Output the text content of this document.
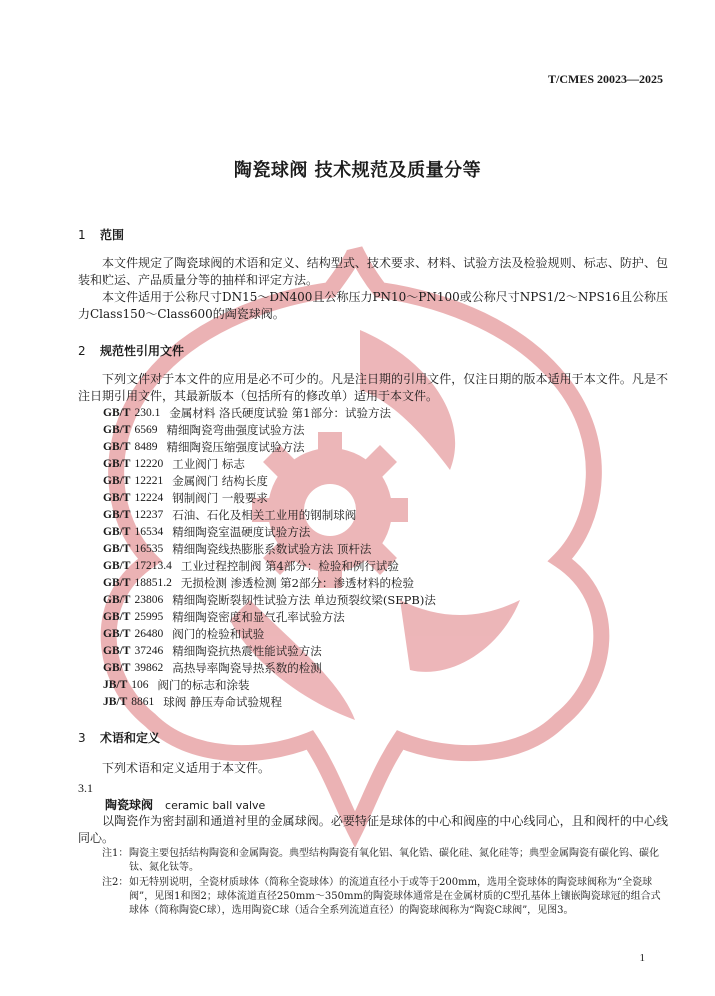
T/CMES 20023—2025
陶瓷球阀 技术规范及质量分等
1 范围
本文件规定了陶瓷球阀的术语和定义、结构型式、技术要求、材料、试验方法及检验规则、标志、防护、包装和贮运、产品质量分等的抽样和评定方法。
本文件适用于公称尺寸DN15～DN400且公称压力PN10～PN100或公称尺寸NPS1/2～NPS16且公称压力Class150～Class600的陶瓷球阀。
2 规范性引用文件
下列文件对于本文件的应用是必不可少的。凡是注日期的引用文件，仅注日期的版本适用于本文件。凡是不注日期引用文件，其最新版本（包括所有的修改单）适用于本文件。
GB/T 230.1 金属材料 洛氏硬度试验 第1部分：试验方法
GB/T 6569 精细陶瓷弯曲强度试验方法
GB/T 8489 精细陶瓷压缩强度试验方法
GB/T 12220 工业阀门 标志
GB/T 12221 金属阀门 结构长度
GB/T 12224 钢制阀门 一般要求
GB/T 12237 石油、石化及相关工业用的钢制球阀
GB/T 16534 精细陶瓷室温硬度试验方法
GB/T 16535 精细陶瓷线热膨胀系数试验方法 顶杆法
GB/T 17213.4 工业过程控制阀 第4部分：检验和例行试验
GB/T 18851.2 无损检测 渗透检测 第2部分：渗透材料的检验
GB/T 23806 精细陶瓷断裂韧性试验方法 单边预裂纹梁(SEPB)法
GB/T 25995 精细陶瓷密度和显气孔率试验方法
GB/T 26480 阀门的检验和试验
GB/T 37246 精细陶瓷抗热震性能试验方法
GB/T 39862 高热导率陶瓷导热系数的检测
JB/T 106 阀门的标志和涂装
JB/T 8861 球阀 静压寿命试验规程
3 术语和定义
下列术语和定义适用于本文件。
3.1
陶瓷球阀 ceramic ball valve
以陶瓷作为密封副和通道衬里的金属球阀。必要特征是球体的中心和阀座的中心线同心，且和阀杆的中心线同心。
注1： 陶瓷主要包括结构陶瓷和金属陶瓷。典型结构陶瓷有氧化铝、氧化锆、碳化硅、氮化硅等；典型金属陶瓷有碳化钨、碳化钛、氮化钛等。
注2： 如无特别说明，全瓷材质球体（简称全瓷球体）的流道直径小于或等于200mm，选用全瓷球体的陶瓷球阀称为“全瓷球阀”，见图1和图2；球体流道直径250mm～350mm的陶瓷球体通常是在金属材质的C型孔基体上镶嵌陶瓷球冠的组合式球体（简称陶瓷C球），选用陶瓷C球（适合全系列流道直径）的陶瓷球阀称为“陶瓷C球阀”，见图3。
1
